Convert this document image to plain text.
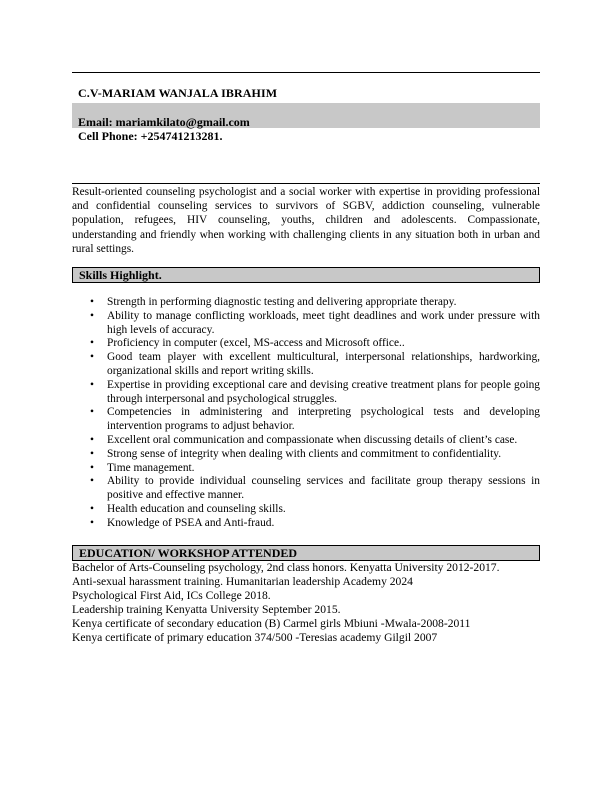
C.V-MARIAM WANJALA IBRAHIM
Email: mariamkilato@gmail.com
Cell Phone: +254741213281.
Result-oriented counseling psychologist and a social worker with expertise in providing professional and confidential counseling services to survivors of SGBV, addiction counseling, vulnerable population, refugees, HIV counseling, youths, children and adolescents. Compassionate, understanding and friendly when working with challenging clients in any situation both in urban and rural settings.
Skills Highlight.
• Strength in performing diagnostic testing and delivering appropriate therapy.
• Ability to manage conflicting workloads, meet tight deadlines and work under pressure with high levels of accuracy.
• Proficiency in computer (excel, MS-access and Microsoft office..
• Good team player with excellent multicultural, interpersonal relationships, hardworking, organizational skills and report writing skills.
• Expertise in providing exceptional care and devising creative treatment plans for people going through interpersonal and psychological struggles.
• Competencies in administering and interpreting psychological tests and developing intervention programs to adjust behavior.
• Excellent oral communication and compassionate when discussing details of client’s case.
• Strong sense of integrity when dealing with clients and commitment to confidentiality.
• Time management.
• Ability to provide individual counseling services and facilitate group therapy sessions in positive and effective manner.
• Health education and counseling skills.
• Knowledge of PSEA and Anti-fraud.
EDUCATION/ WORKSHOP ATTENDED
Bachelor of Arts-Counseling psychology, 2nd class honors. Kenyatta University 2012-2017.
Anti-sexual harassment training. Humanitarian leadership Academy 2024
Psychological First Aid, ICs College 2018.
Leadership training Kenyatta University September 2015.
Kenya certificate of secondary education (B) Carmel girls Mbiuni -Mwala-2008-2011
Kenya certificate of primary education 374/500 -Teresias academy Gilgil 2007
